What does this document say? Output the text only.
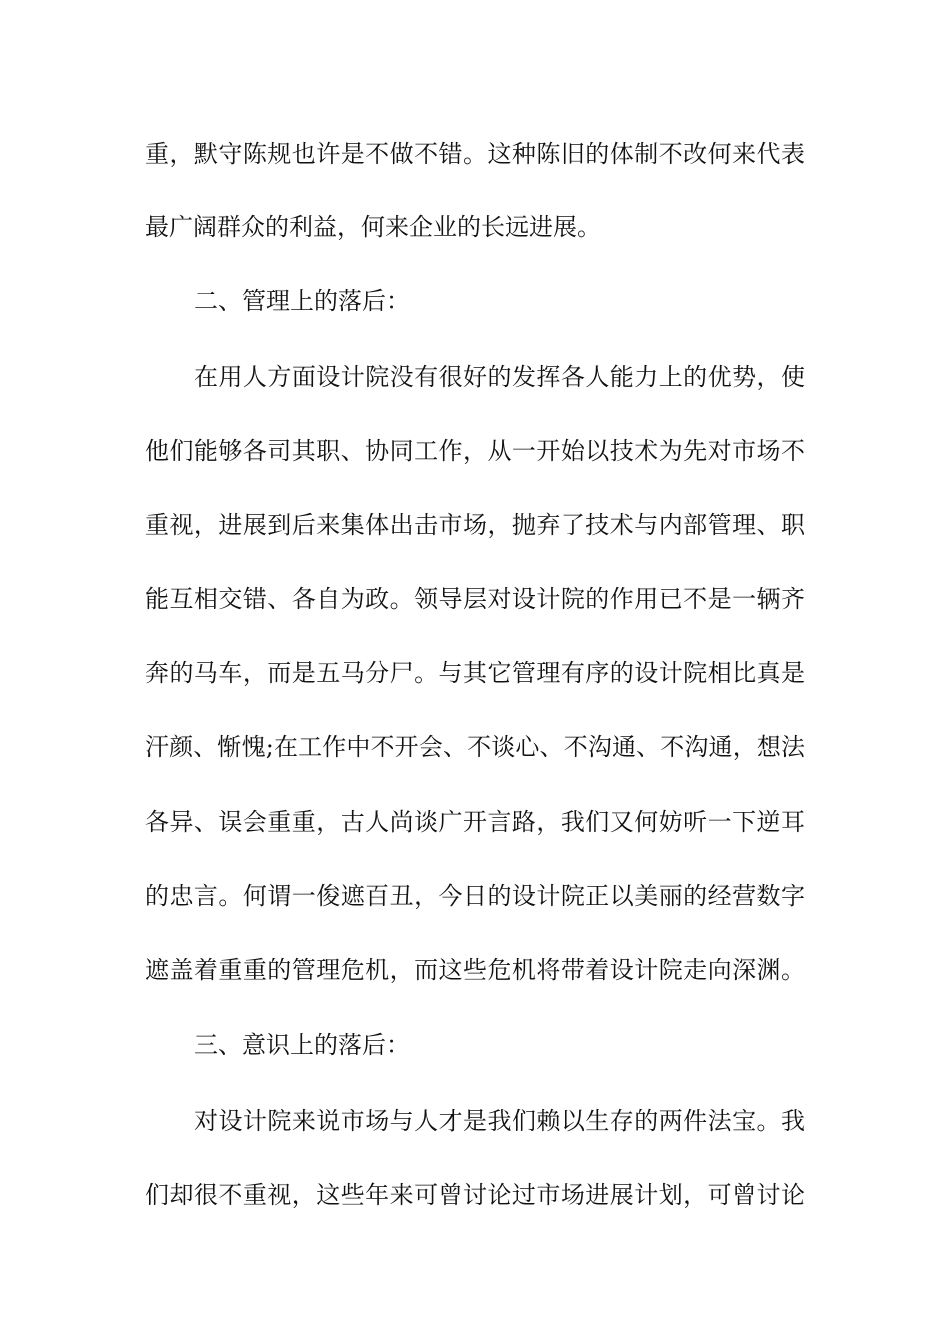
重，默守陈规也许是不做不错。这种陈旧的体制不改何来代表

最广阔群众的利益，何来企业的长远进展。

二、管理上的落后：

在用人方面设计院没有很好的发挥各人能力上的优势，使

他们能够各司其职、协同工作，从一开始以技术为先对市场不

重视，进展到后来集体出击市场，抛弃了技术与内部管理、职

能互相交错、各自为政。领导层对设计院的作用已不是一辆齐

奔的马车，而是五马分尸。与其它管理有序的设计院相比真是

汗颜、惭愧;在工作中不开会、不谈心、不沟通、不沟通，想法

各异、误会重重，古人尚谈广开言路，我们又何妨听一下逆耳

的忠言。何谓一俊遮百丑，今日的设计院正以美丽的经营数字

遮盖着重重的管理危机，而这些危机将带着设计院走向深渊。

三、意识上的落后：

对设计院来说市场与人才是我们赖以生存的两件法宝。我

们却很不重视，这些年来可曾讨论过市场进展计划，可曾讨论
